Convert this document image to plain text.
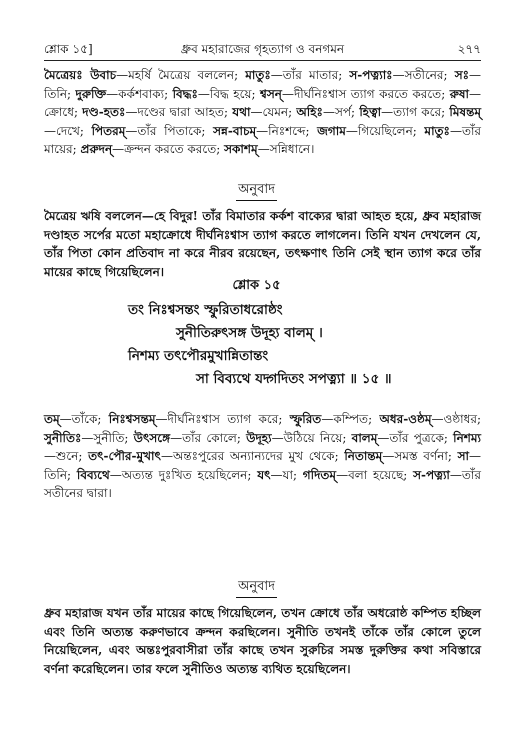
শ্লোক ১৫]	ধ্রুব মহারাজের গৃহত্যাগ ও বনগমন	২৭৭

মৈত্রেয়ঃ উবাচ—মহর্ষি মৈত্রেয় বললেন; মাতুঃ—তাঁর মাতার; স-পত্ন্যাঃ—সতীনের; সঃ—তিনি; দুরুক্তি—কর্কশবাক্য; বিদ্ধঃ—বিদ্ধ হয়ে; শ্বসন্—দীর্ঘনিঃশ্বাস ত্যাগ করতে করতে; রুষা—ক্রোধে; দণ্ড-হতঃ—দণ্ডের দ্বারা আহত; যথা—যেমন; অহিঃ—সর্প; হিত্বা—ত্যাগ করে; মিষন্তম্—দেখে; পিতরম্—তাঁর পিতাকে; সন্ন-বাচম্—নিঃশব্দে; জগাম—গিয়েছিলেন; মাতুঃ—তাঁর মায়ের; প্ররুদন্—ক্রন্দন করতে করতে; সকাশম্—সন্নিধানে।

অনুবাদ

মৈত্রেয় ঋষি বললেন—হে বিদুর! তাঁর বিমাতার কর্কশ বাক্যের দ্বারা আহত হয়ে, ধ্রুব মহারাজ দণ্ডাহত সর্পের মতো মহাক্রোধে দীর্ঘনিঃশ্বাস ত্যাগ করতে লাগলেন। তিনি যখন দেখলেন যে, তাঁর পিতা কোন প্রতিবাদ না করে নীরব রয়েছেন, তৎক্ষণাৎ তিনি সেই স্থান ত্যাগ করে তাঁর মায়ের কাছে গিয়েছিলেন।

শ্লোক ১৫

তং নিঃশ্বসন্তং স্ফুরিতাধরোষ্ঠং

সুনীতিরুৎসঙ্গ উদূহ্য বালম্ ।

নিশম্য তৎপৌরমুখান্নিতান্তং

সা বিব্যথে যদ্গদিতং সপত্ন্যা ॥ ১৫ ॥

তম্—তাঁকে; নিঃশ্বসন্তম্—দীর্ঘনিঃশ্বাস ত্যাগ করে; স্ফুরিত—কম্পিত; অধর-ওষ্ঠম্—ওষ্ঠাধর; সুনীতিঃ—সুনীতি; উৎসঙ্গে—তাঁর কোলে; উদূহ্য—উঠিয়ে নিয়ে; বালম্—তাঁর পুত্রকে; নিশম্য—শুনে; তৎ-পৌর-মুখাৎ—অন্তঃপুরের অন্যান্যদের মুখ থেকে; নিতান্তম্—সমস্ত বর্ণনা; সা—তিনি; বিব্যথে—অত্যন্ত দুঃখিত হয়েছিলেন; যৎ—যা; গদিতম্—বলা হয়েছে; স-পত্ন্যা—তাঁর সতীনের দ্বারা।

অনুবাদ

ধ্রুব মহারাজ যখন তাঁর মায়ের কাছে গিয়েছিলেন, তখন ক্রোধে তাঁর অধরোষ্ঠ কম্পিত হচ্ছিল এবং তিনি অত্যন্ত করুণভাবে ক্রন্দন করছিলেন। সুনীতি তখনই তাঁকে তাঁর কোলে তুলে নিয়েছিলেন, এবং অন্তঃপুরবাসীরা তাঁর কাছে তখন সুরুচির সমস্ত দুরুক্তির কথা সবিস্তারে বর্ণনা করেছিলেন। তার ফলে সুনীতিও অত্যন্ত ব্যথিত হয়েছিলেন।
